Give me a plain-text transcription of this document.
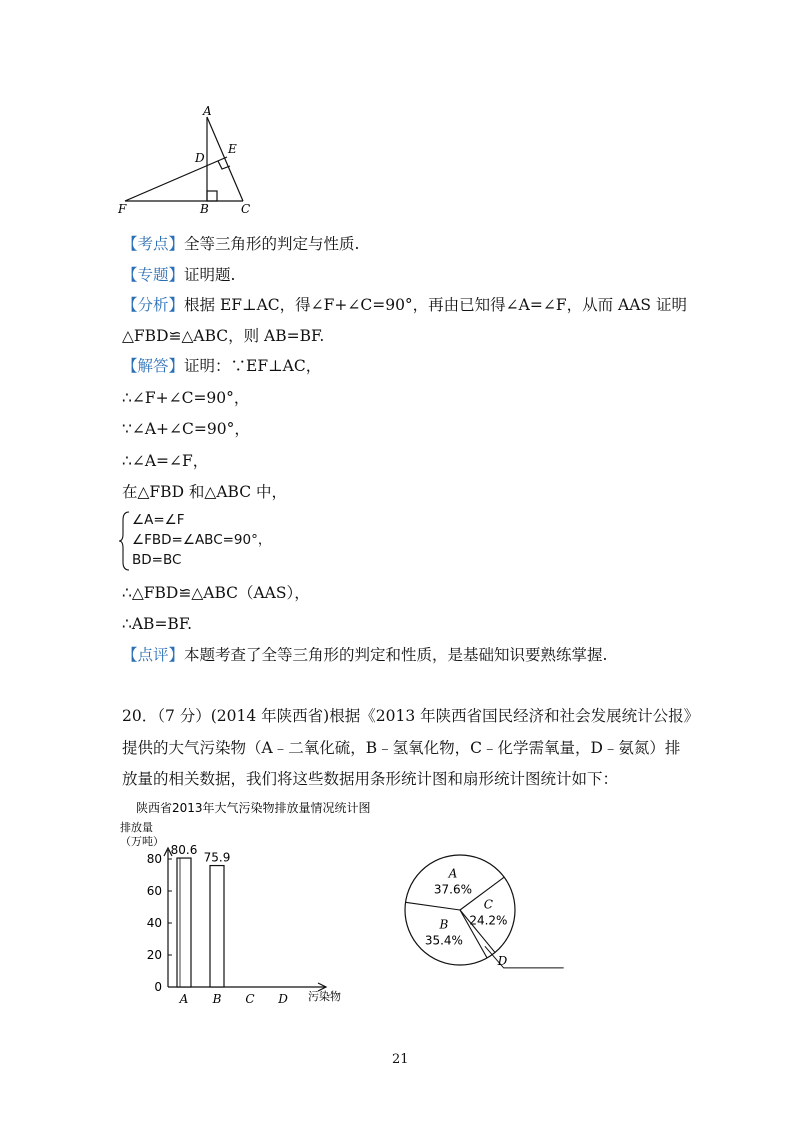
A
D
E
F	B	C
【考点】全等三角形的判定与性质.
【专题】证明题.
【分析】根据 EF⊥AC，得∠F+∠C=90°，再由已知得∠A=∠F，从而 AAS 证明
△FBD≌△ABC，则 AB=BF.
【解答】证明：∵EF⊥AC，
∴∠F+∠C=90°，
∵∠A+∠C=90°，
∴∠A=∠F，
在△FBD 和△ABC 中，
∠A=∠F
∠FBD=∠ABC=90°，
BD=BC
∴△FBD≌△ABC（AAS），
∴AB=BF.
【点评】本题考查了全等三角形的判定和性质，是基础知识要熟练掌握.
20．（7 分）(2014 年陕西省)根据《2013 年陕西省国民经济和社会发展统计公报》
提供的大气污染物（A﹣二氧化硫，B﹣氢氧化物，C﹣化学需氧量，D﹣氨氮）排
放量的相关数据，我们将这些数据用条形统计图和扇形统计图统计如下：
陕西省2013年大气污染物排放量情况统计图
排放量
（万吨）
污染物
0
20
40
60
80
80.6
A
75.9
B C D
A
37.6%
C
24.2%
D
B
35.4%
21
